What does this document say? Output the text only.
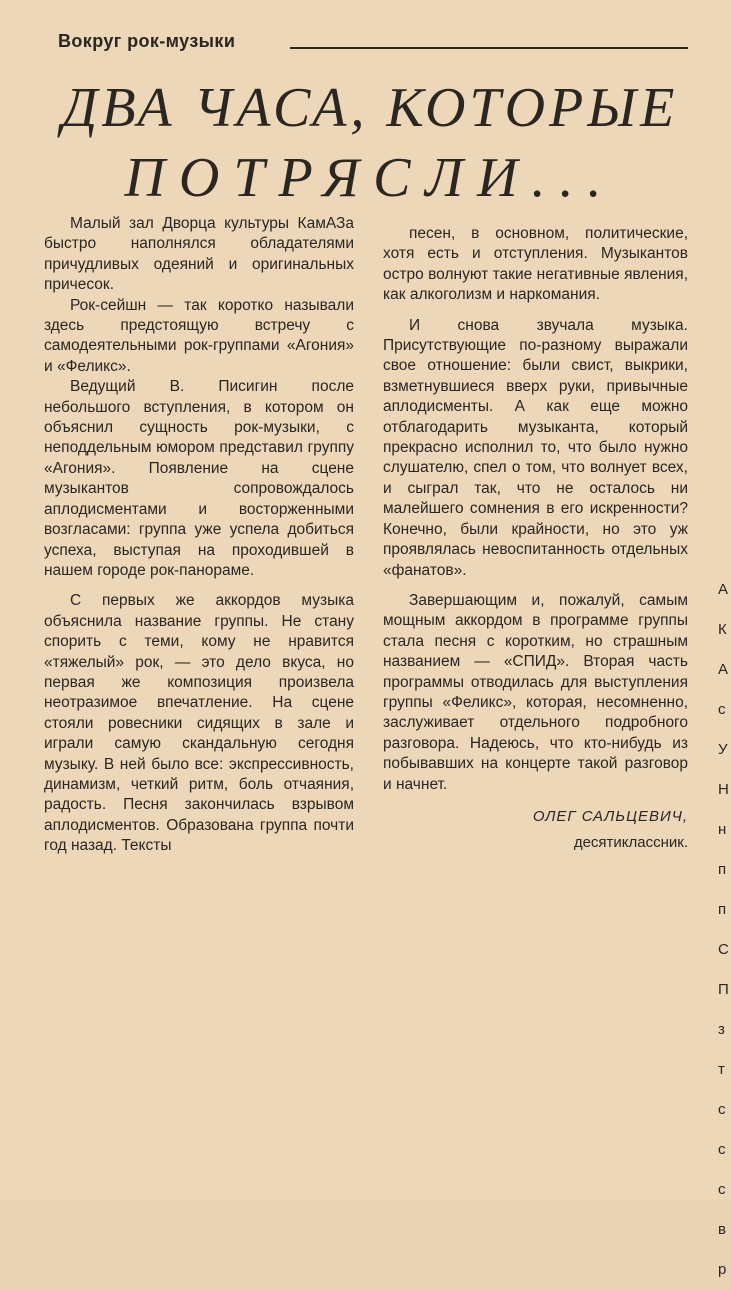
Вокруг рок-музыки
ДВА ЧАСА, КОТОРЫЕ
ПОТРЯСЛИ...

Малый зал Дворца культуры КамАЗа быстро наполнялся обладателями причудливых одеяний и оригинальных причесок.

Рок-сейшн — так коротко называли здесь предстоящую встречу с самодеятельными рок-группами «Агония» и «Феликс».

Ведущий В. Писигин после небольшого вступления, в котором он объяснил сущность рок-музыки, с неподдельным юмором представил группу «Агония». Появление на сцене музыкантов сопровождалось аплодисментами и восторженными возгласами: группа уже успела добиться успеха, выступая на проходившей в нашем городе рок-панораме.

С первых же аккордов музыка объяснила название группы. Не стану спорить с теми, кому не нравится «тяжелый» рок, — это дело вкуса, но первая же композиция произвела неотразимое впечатление. На сцене стояли ровесники сидящих в зале и играли самую скандальную сегодня музыку. В ней было все: экспрессивность, динамизм, четкий ритм, боль отчаяния, радость. Песня закончилась взрывом аплодисментов. Образована группа почти год назад. Тексты

песен, в основном, политические, хотя есть и отступления. Музыкантов остро волнуют такие негативные явления, как алкоголизм и наркомания.

И снова звучала музыка. Присутствующие по-разному выражали свое отношение: были свист, выкрики, взметнувшиеся вверх руки, привычные аплодисменты. А как еще можно отблагодарить музыканта, который прекрасно исполнил то, что было нужно слушателю, спел о том, что волнует всех, и сыграл так, что не осталось ни малейшего сомнения в его искренности? Конечно, были крайности, но это уж проявлялась невоспитанность отдельных «фанатов».

Завершающим и, пожалуй, самым мощным аккордом в программе группы стала песня с коротким, но страшным названием — «СПИД». Вторая часть программы отводилась для выступления группы «Феликс», которая, несомненно, заслуживает отдельного подробного разговора. Надеюсь, что кто-нибудь из побывавших на концерте такой разговор и начнет.

ОЛЕГ САЛЬЦЕВИЧ,
десятиклассник.
А
К
А
с
У
Н
н
п
п
С
П
з
т
с
с
с
в
р
